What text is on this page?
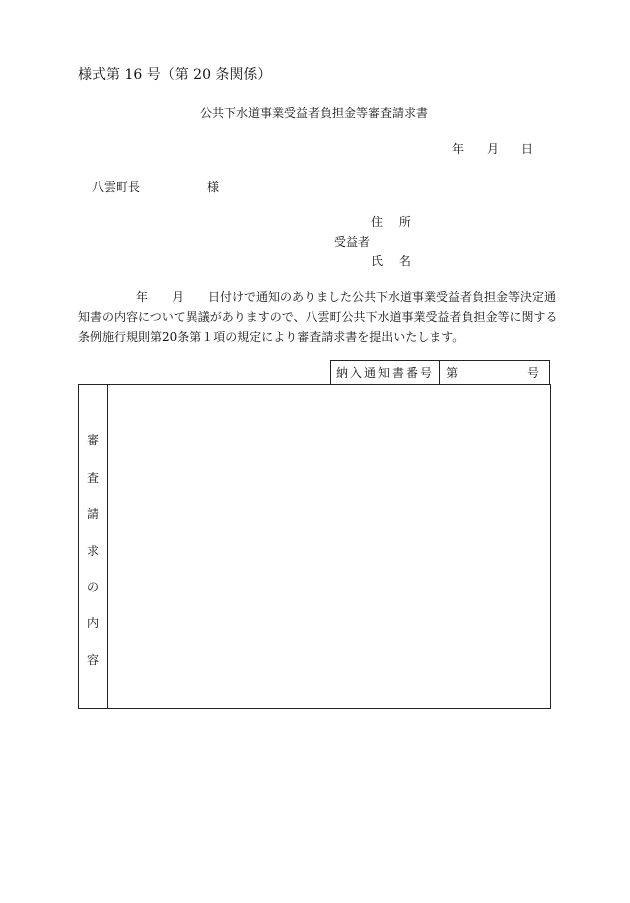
様式第 16 号（第 20 条関係）
公共下水道事業受益者負担金等審査請求書
年 月 日
八雲町長	様
住 所
受益者
氏 名
年 月 日付けで通知のありました公共下水道事業受益者負担金等決定通
知書の内容について異議がありますので、八雲町公共下水道事業受益者負担金等に関する
条例施行規則第20条第１項の規定により審査請求書を提出いたします。
納入通知書番号	第	号
審
査
請
求
の
内
容
